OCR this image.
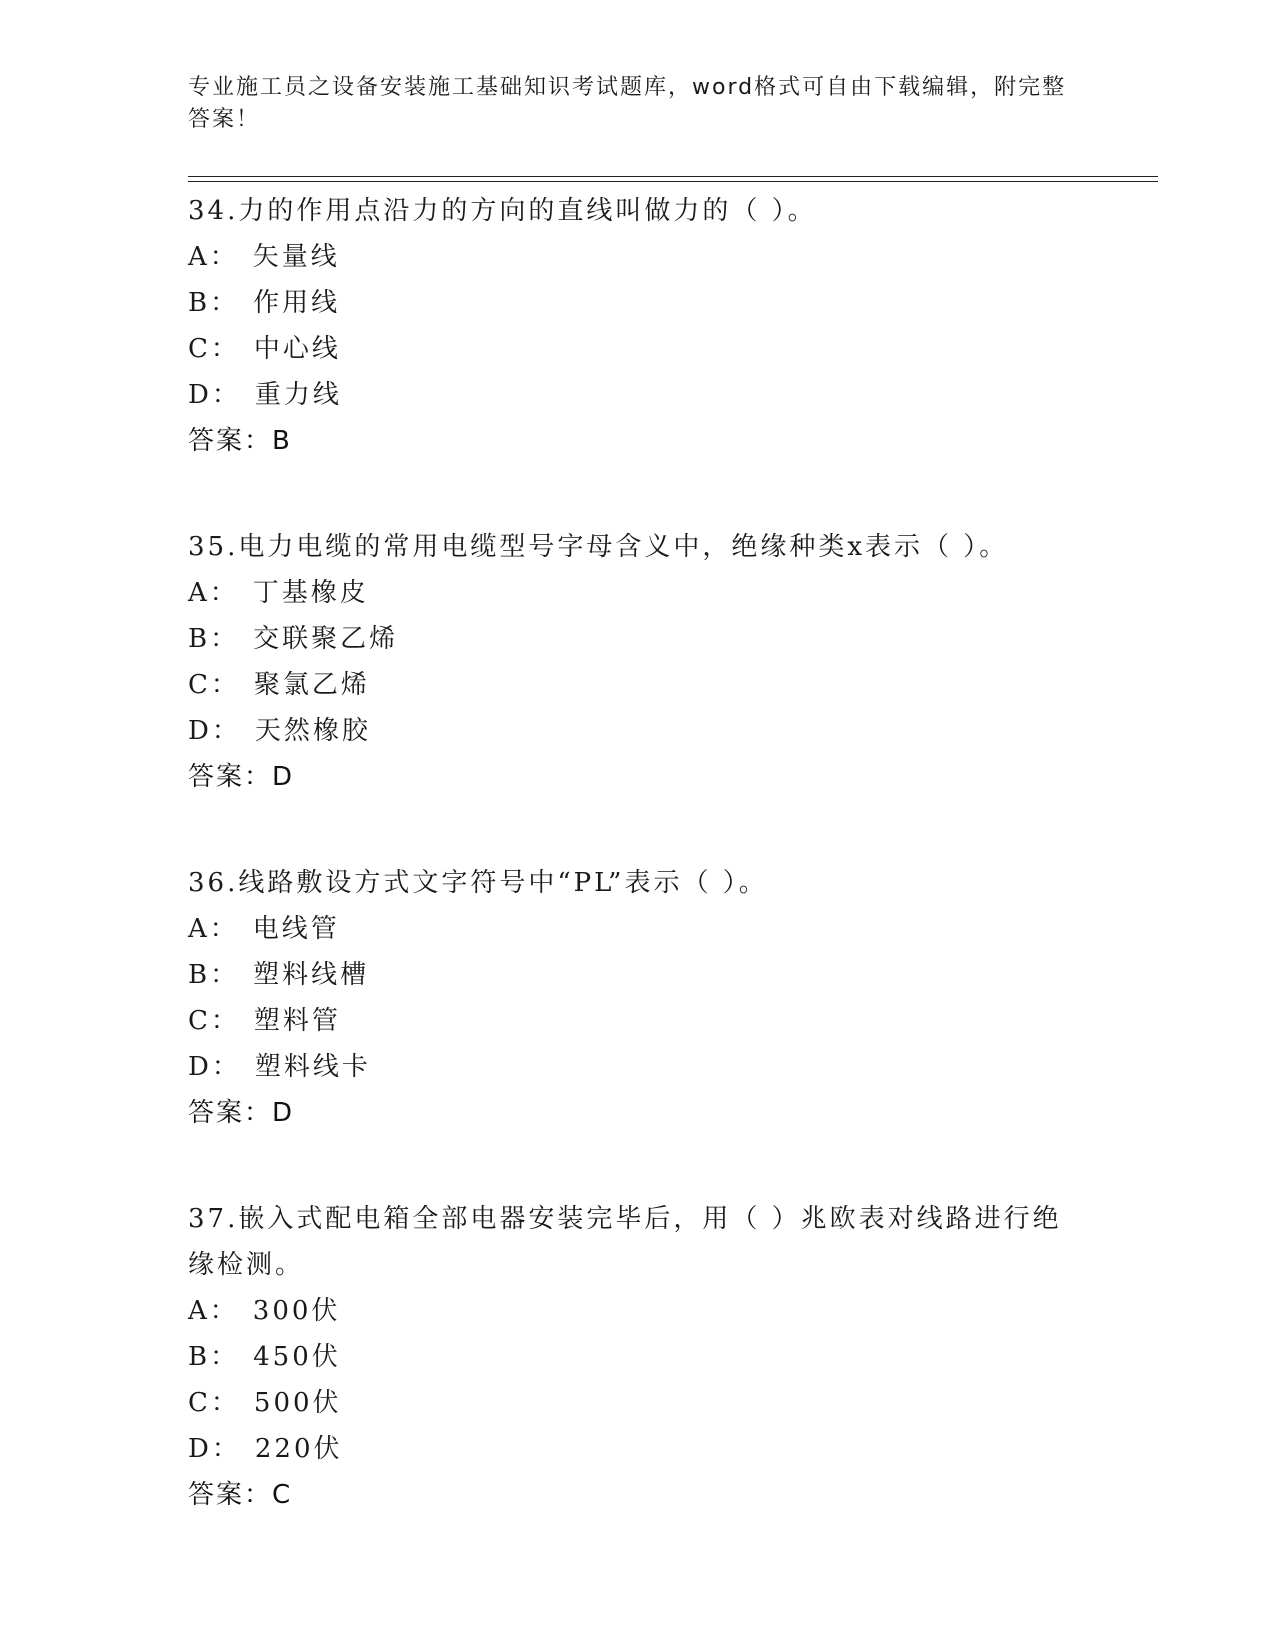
专业施工员之设备安装施工基础知识考试题库，word格式可自由下载编辑，附完整答案！
34.力的作用点沿力的方向的直线叫做力的（ ）。
A： 矢量线
B： 作用线
C： 中心线
D： 重力线
答案：B
35.电力电缆的常用电缆型号字母含义中，绝缘种类x表示（ ）。
A： 丁基橡皮
B： 交联聚乙烯
C： 聚氯乙烯
D： 天然橡胶
答案：D
36.线路敷设方式文字符号中“PL”表示（ ）。
A： 电线管
B： 塑料线槽
C： 塑料管
D： 塑料线卡
答案：D
37.嵌入式配电箱全部电器安装完毕后，用（ ）兆欧表对线路进行绝缘检测。
A： 300伏
B： 450伏
C： 500伏
D： 220伏
答案：C
